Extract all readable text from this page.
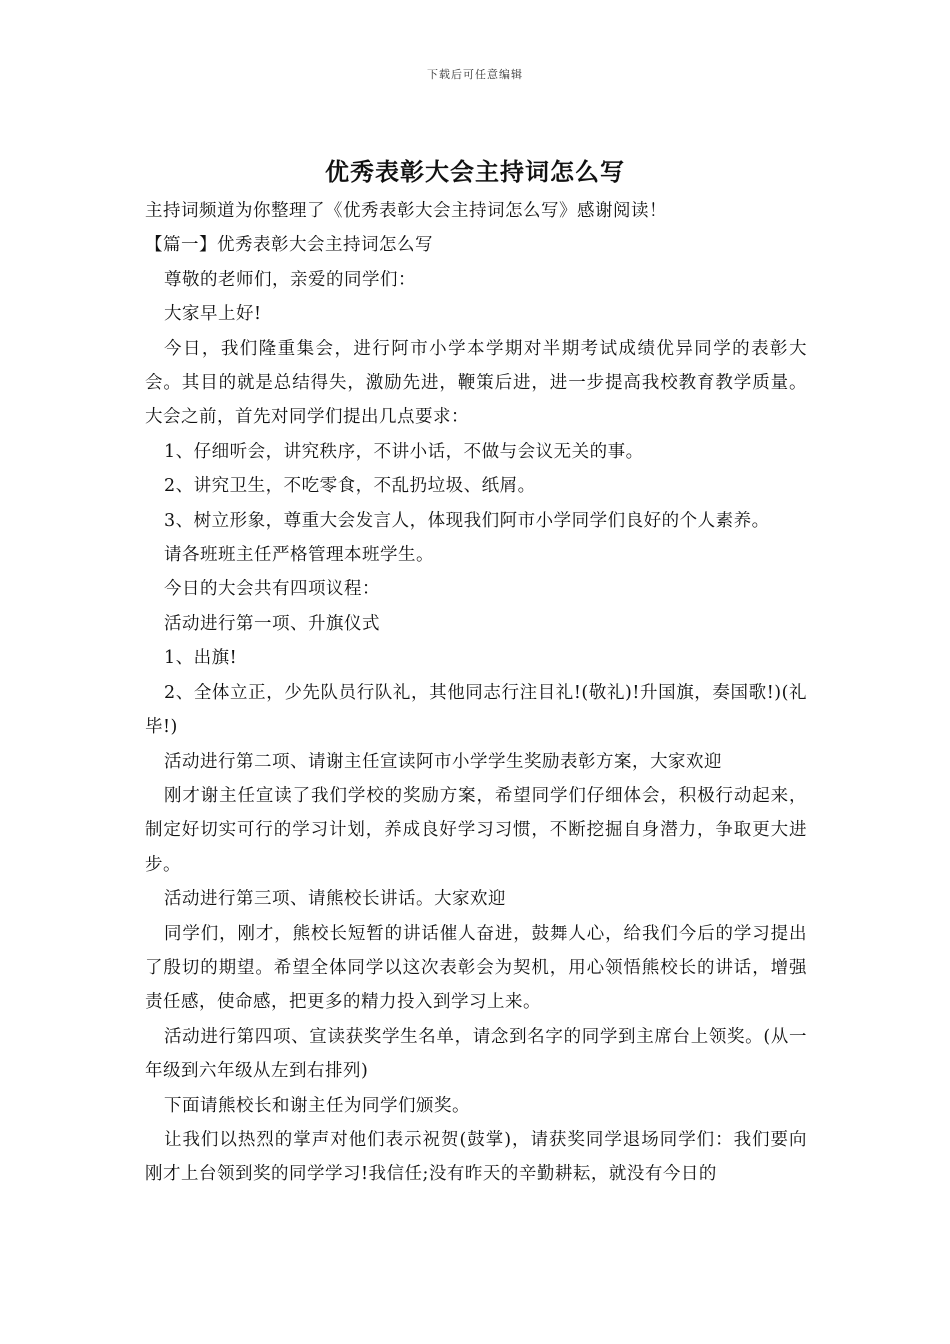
下载后可任意编辑
优秀表彰大会主持词怎么写

主持词频道为你整理了《优秀表彰大会主持词怎么写》感谢阅读！

【篇一】优秀表彰大会主持词怎么写

尊敬的老师们，亲爱的同学们：

大家早上好!

今日，我们隆重集会，进行阿市小学本学期对半期考试成绩优异同学的表彰大会。其目的就是总结得失，激励先进，鞭策后进，进一步提高我校教育教学质量。大会之前，首先对同学们提出几点要求：

1、仔细听会，讲究秩序，不讲小话，不做与会议无关的事。

2、讲究卫生，不吃零食，不乱扔垃圾、纸屑。

3、树立形象，尊重大会发言人，体现我们阿市小学同学们良好的个人素养。

请各班班主任严格管理本班学生。

今日的大会共有四项议程：

活动进行第一项、升旗仪式

1、出旗!

2、全体立正，少先队员行队礼，其他同志行注目礼!(敬礼)!升国旗，奏国歌!)(礼毕!)

活动进行第二项、请谢主任宣读阿市小学学生奖励表彰方案，大家欢迎

刚才谢主任宣读了我们学校的奖励方案，希望同学们仔细体会，积极行动起来，制定好切实可行的学习计划，养成良好学习习惯，不断挖掘自身潜力，争取更大进步。

活动进行第三项、请熊校长讲话。大家欢迎

同学们，刚才，熊校长短暂的讲话催人奋进，鼓舞人心，给我们今后的学习提出了殷切的期望。希望全体同学以这次表彰会为契机，用心领悟熊校长的讲话，增强责任感，使命感，把更多的精力投入到学习上来。

活动进行第四项、宣读获奖学生名单，请念到名字的同学到主席台上领奖。(从一年级到六年级从左到右排列)

下面请熊校长和谢主任为同学们颁奖。

让我们以热烈的掌声对他们表示祝贺(鼓掌)，请获奖同学退场同学们：我们要向刚才上台领到奖的同学学习!我信任;没有昨天的辛勤耕耘，就没有今日的
